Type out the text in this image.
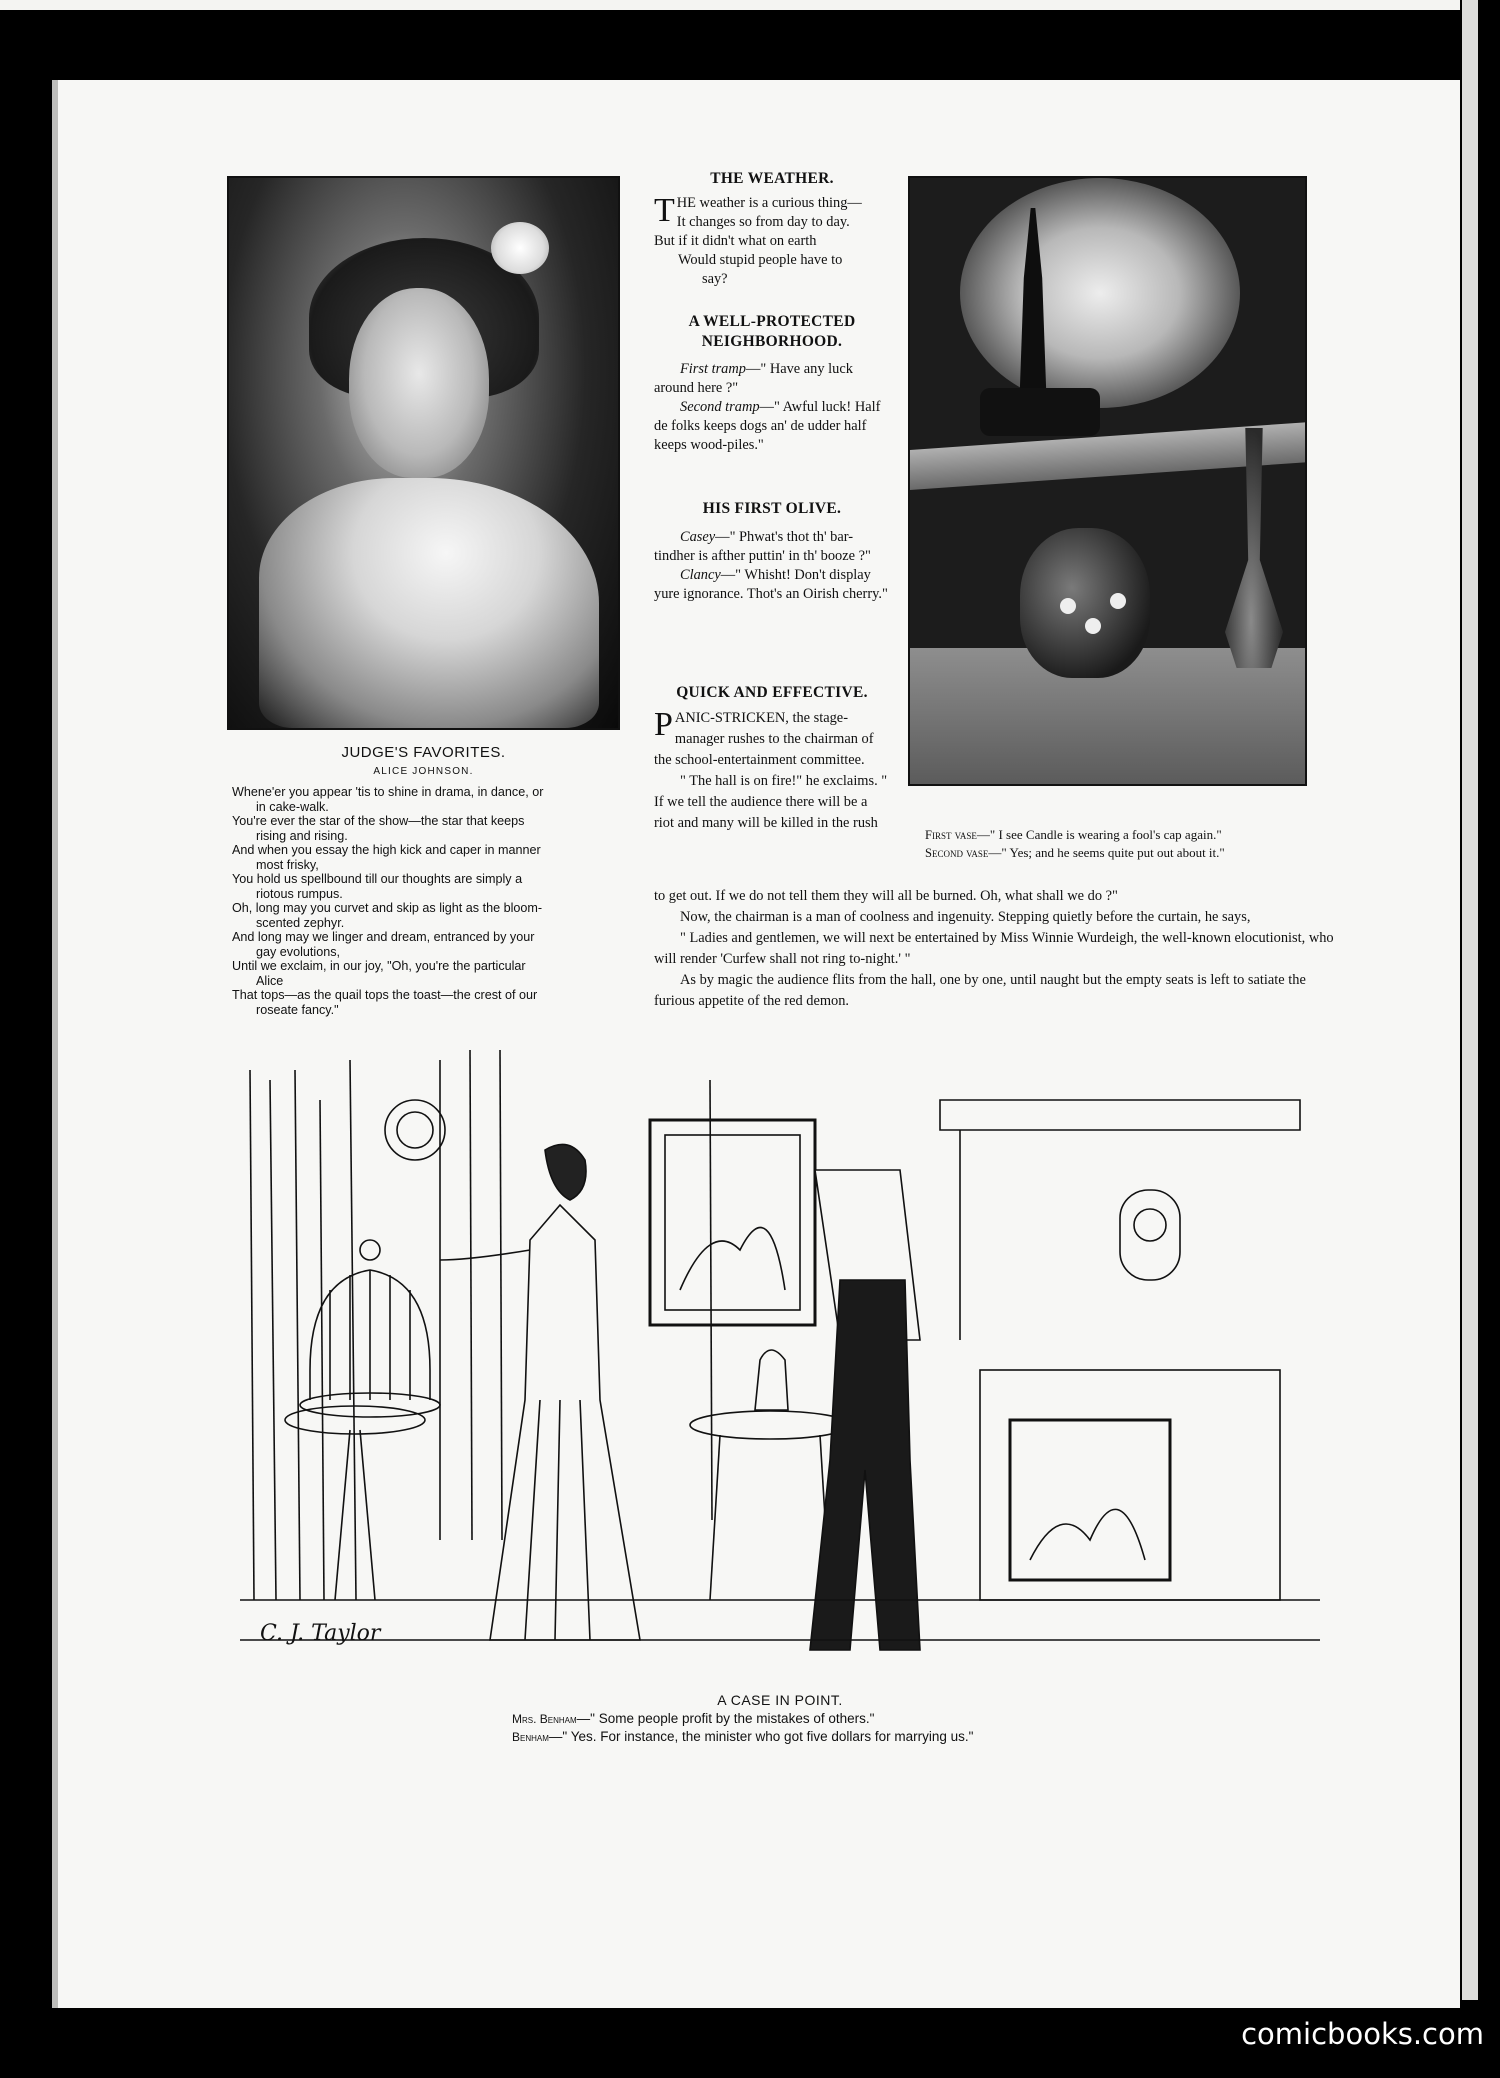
JUDGE'S FAVORITES.
ALICE JOHNSON.
Whene'er you appear 'tis to shine in drama, in dance, or
in cake-walk.
You're ever the star of the show—the star that keeps
rising and rising.
And when you essay the high kick and caper in manner
most frisky,
You hold us spellbound till our thoughts are simply a
riotous rumpus.
Oh, long may you curvet and skip as light as the bloom-
scented zephyr.
And long may we linger and dream, entranced by your
gay evolutions,
Until we exclaim, in our joy, "Oh, you're the particular
Alice
That tops—as the quail tops the toast—the crest of our
roseate fancy."
THE WEATHER.
THE weather is a curious thing—
It changes so from day to day.
But if it didn't what on earth
Would stupid people have to
say?
A WELL-PROTECTED NEIGHBORHOOD.
First tramp—" Have any luck around here ?"
Second tramp—" Awful luck! Half de folks keeps dogs an' de udder half keeps wood-piles."
HIS FIRST OLIVE.
Casey—" Phwat's thot th' bar-tindher is afther puttin' in th' booze ?"
Clancy—" Whisht! Don't display yure ignorance. Thot's an Oirish cherry."
QUICK AND EFFECTIVE.
PANIC-STRICKEN, the stage-manager rushes to the chairman of the school-entertainment committee.
" The hall is on fire!" he exclaims. " If we tell the audience there will be a riot and many will be killed in the rush
First vase—" I see Candle is wearing a fool's cap again."
Second vase—" Yes; and he seems quite put out about it."
to get out. If we do not tell them they will all be burned. Oh, what shall we do ?"
Now, the chairman is a man of coolness and ingenuity. Stepping quietly before the curtain, he says,
" Ladies and gentlemen, we will next be entertained by Miss Winnie Wurdeigh, the well-known elocutionist, who will render 'Curfew shall not ring to-night.' "
As by magic the audience flits from the hall, one by one, until naught but the empty seats is left to satiate the furious appetite of the red demon.
C. J. Taylor
A CASE IN POINT.
Mrs. Benham—" Some people profit by the mistakes of others."
Benham—" Yes. For instance, the minister who got five dollars for marrying us."
comicbooks.com
